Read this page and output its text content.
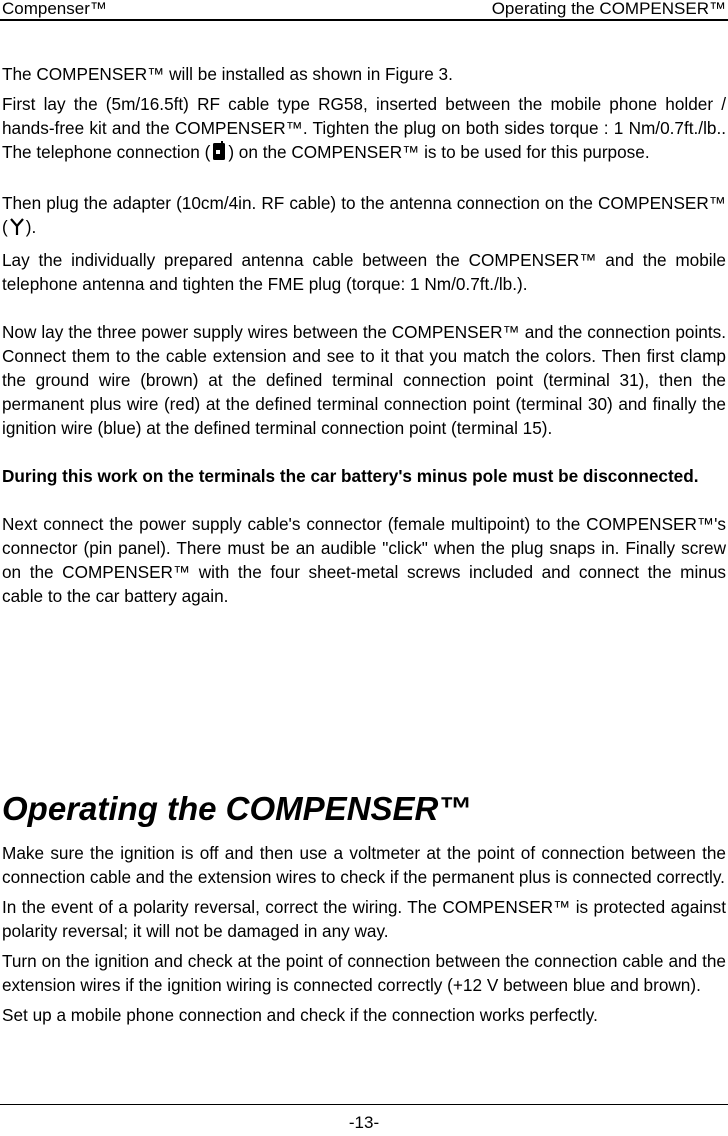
Compenser™	Operating the COMPENSER™

The COMPENSER™ will be installed as shown in Figure 3.

First lay the (5m/16.5ft) RF cable type RG58, inserted between the mobile phone holder / hands-free kit and the COMPENSER™. Tighten the plug on both sides torque : 1 Nm/0.7ft./lb.. The telephone connection ( ) on the COMPENSER™ is to be used for this purpose.

Then plug the adapter (10cm/4in. RF cable) to the antenna connection on the COMPENSER™ ( ).

Lay the individually prepared antenna cable between the COMPENSER™ and the mobile telephone antenna and tighten the FME plug (torque: 1 Nm/0.7ft./lb.).

Now lay the three power supply wires between the COMPENSER™ and the connection points. Connect them to the cable extension and see to it that you match the colors. Then first clamp the ground wire (brown) at the defined terminal connection point (terminal 31), then the permanent plus wire (red) at the defined terminal connection point (terminal 30) and finally the ignition wire (blue) at the defined terminal connection point (terminal 15).

During this work on the terminals the car battery's minus pole must be disconnected.

Next connect the power supply cable's connector (female multipoint) to the COMPENSER™'s connector (pin panel). There must be an audible "click" when the plug snaps in. Finally screw on the COMPENSER™ with the four sheet-metal screws included and connect the minus cable to the car battery again.

Operating the COMPENSER™

Make sure the ignition is off and then use a voltmeter at the point of connection between the connection cable and the extension wires to check if the permanent plus is connected correctly.

In the event of a polarity reversal, correct the wiring. The COMPENSER™ is protected against polarity reversal; it will not be damaged in any way.

Turn on the ignition and check at the point of connection between the connection cable and the extension wires if the ignition wiring is connected correctly (+12 V between blue and brown).

Set up a mobile phone connection and check if the connection works perfectly.

-13-
